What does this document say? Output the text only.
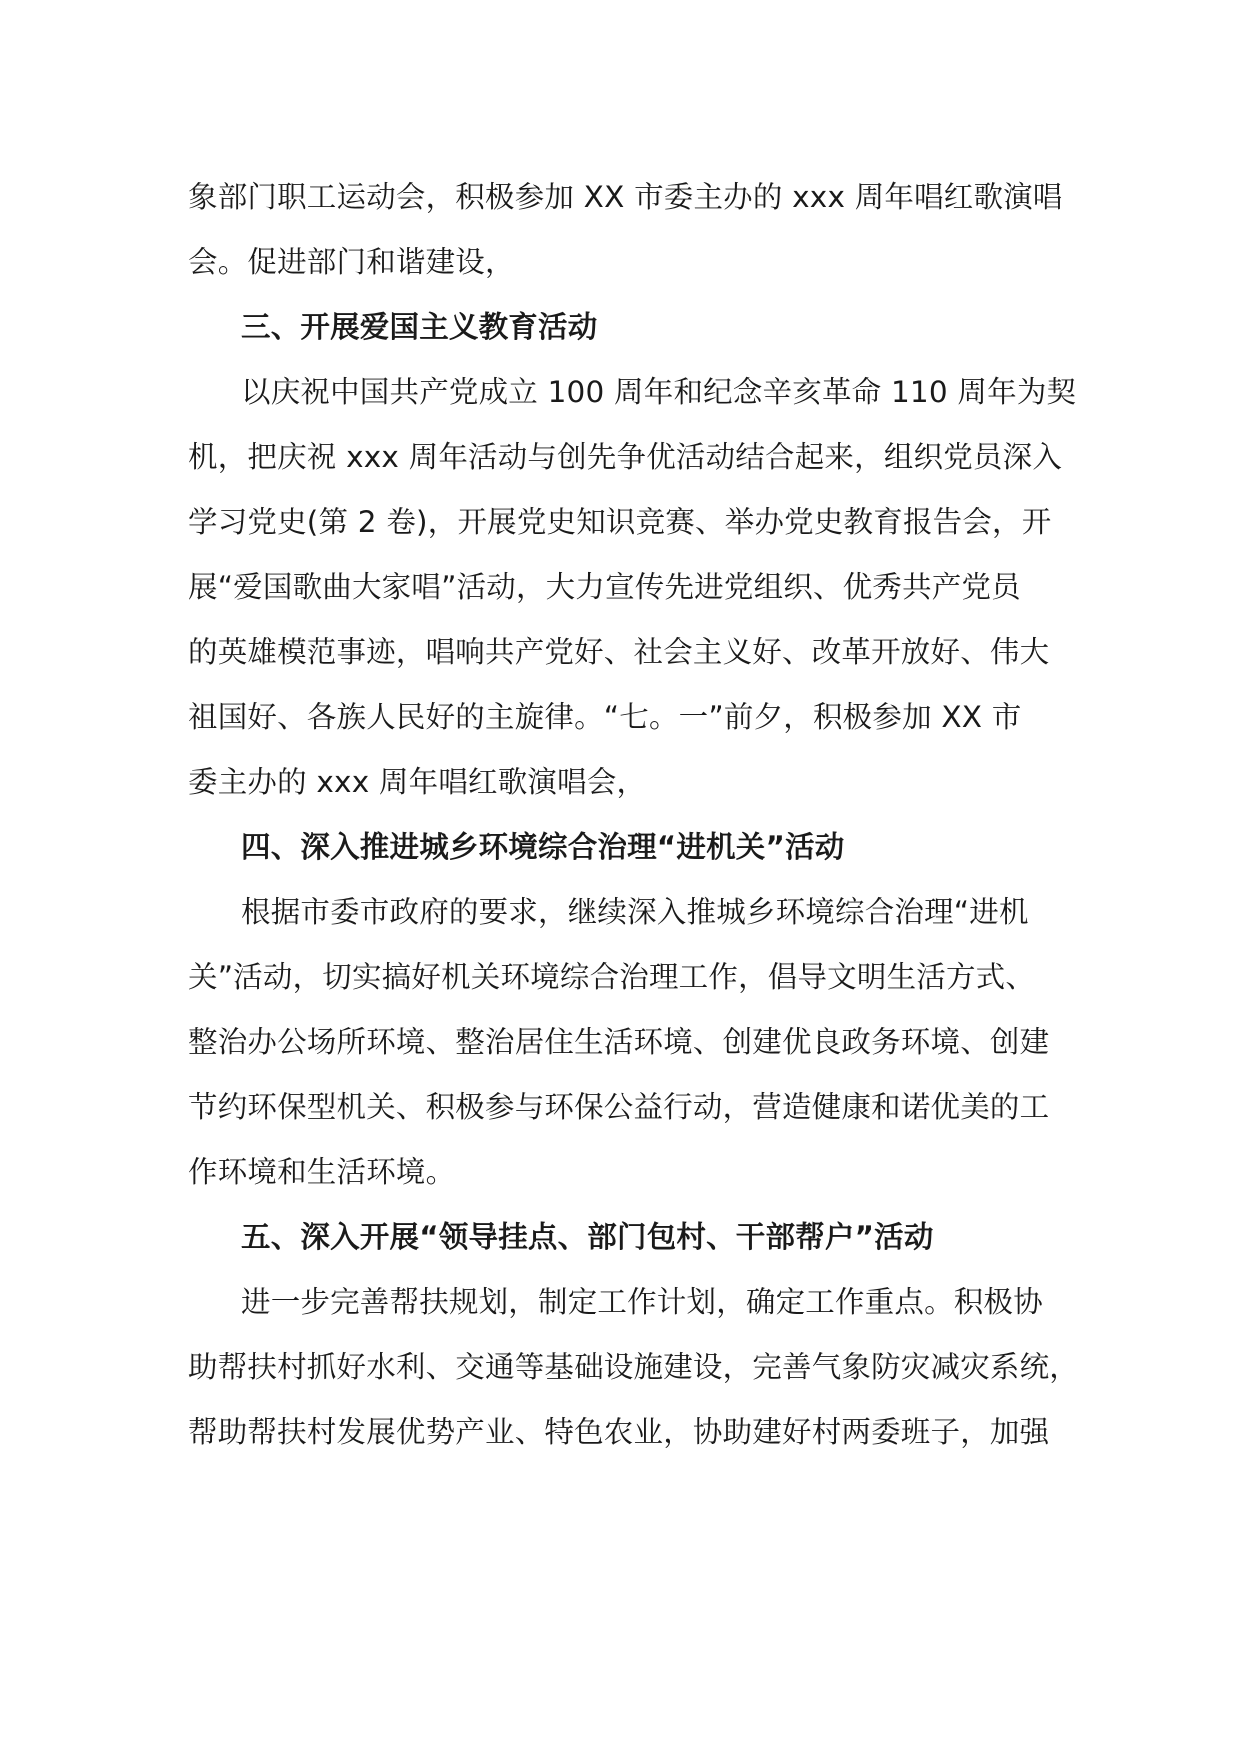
象部门职工运动会，积极参加 XX 市委主办的 xxx 周年唱红歌演唱
会。促进部门和谐建设，
三、开展爱国主义教育活动
以庆祝中国共产党成立 100 周年和纪念辛亥革命 110 周年为契
机，把庆祝 xxx 周年活动与创先争优活动结合起来，组织党员深入
学习党史(第 2 卷)，开展党史知识竞赛、举办党史教育报告会，开
展“爱国歌曲大家唱”活动，大力宣传先进党组织、优秀共产党员
的英雄模范事迹，唱响共产党好、社会主义好、改革开放好、伟大
祖国好、各族人民好的主旋律。“七。一”前夕，积极参加 XX 市
委主办的 xxx 周年唱红歌演唱会，
四、深入推进城乡环境综合治理“进机关”活动
根据市委市政府的要求，继续深入推城乡环境综合治理“进机
关”活动，切实搞好机关环境综合治理工作，倡导文明生活方式、
整治办公场所环境、整治居住生活环境、创建优良政务环境、创建
节约环保型机关、积极参与环保公益行动，营造健康和诺优美的工
作环境和生活环境。
五、深入开展“领导挂点、部门包村、干部帮户”活动
进一步完善帮扶规划，制定工作计划，确定工作重点。积极协
助帮扶村抓好水利、交通等基础设施建设，完善气象防灾减灾系统，
帮助帮扶村发展优势产业、特色农业，协助建好村两委班子，加强
